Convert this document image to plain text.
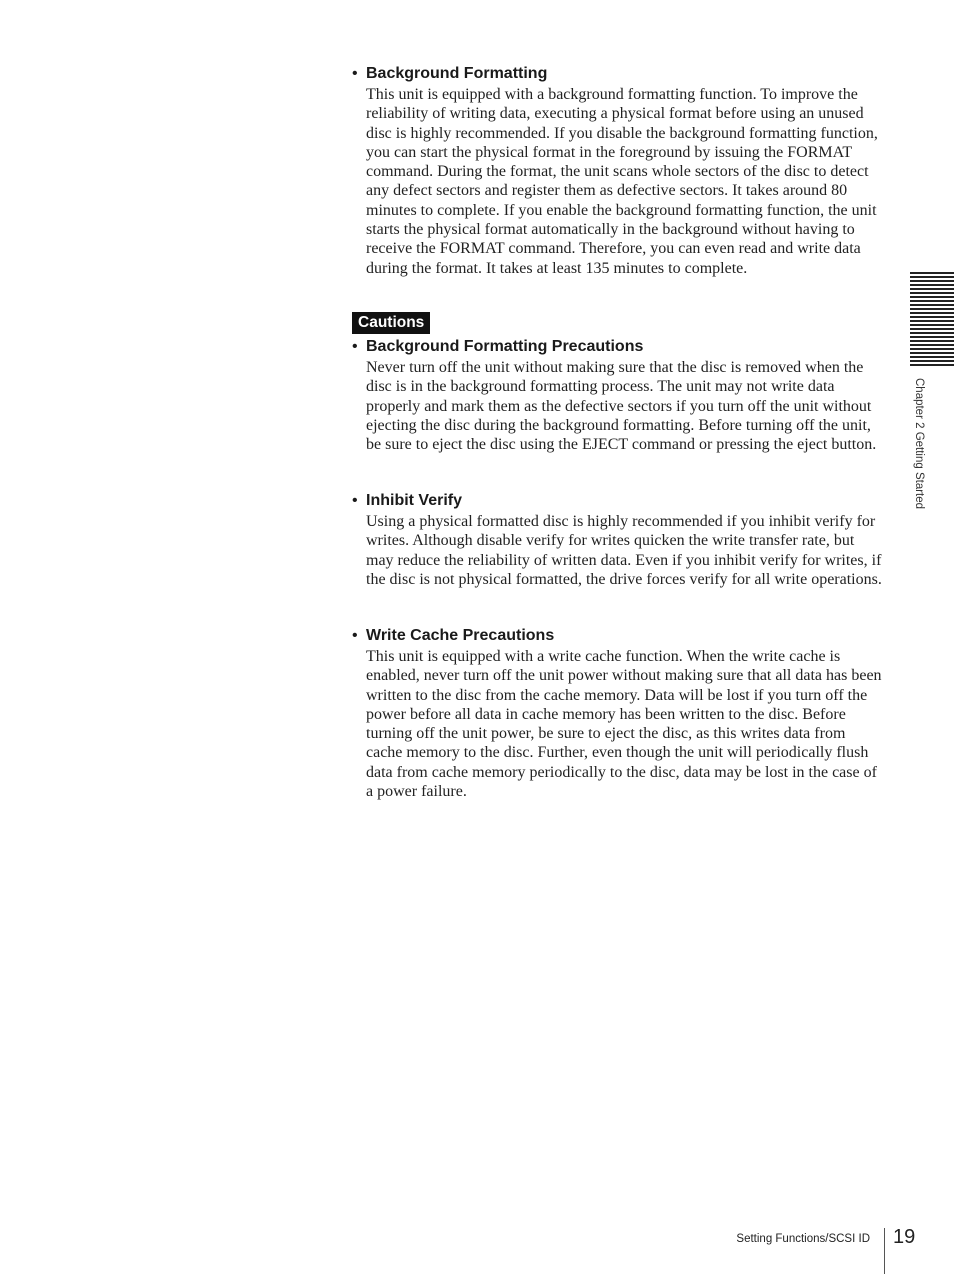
• Background Formatting

This unit is equipped with a background formatting function. To improve the reliability of writing data, executing a physical format before using an unused disc is highly recommended. If you disable the background formatting function, you can start the physical format in the foreground by issuing the FORMAT command. During the format, the unit scans whole sectors of the disc to detect any defect sectors and register them as defective sectors. It takes around 80 minutes to complete. If you enable the background formatting function, the unit starts the physical format automatically in the background without having to receive the FORMAT command. Therefore, you can even read and write data during the format. It takes at least 135 minutes to complete.

Cautions
• Background Formatting Precautions

Never turn off the unit without making sure that the disc is removed when the disc is in the background formatting process. The unit may not write data properly and mark them as the defective sectors if you turn off the unit without ejecting the disc during the background formatting. Before turning off the unit, be sure to eject the disc using the EJECT command or pressing the eject button.

• Inhibit Verify

Using a physical formatted disc is highly recommended if you inhibit verify for writes. Although disable verify for writes quicken the write transfer rate, but may reduce the reliability of written data. Even if you inhibit verify for writes, if the disc is not physical formatted, the drive forces verify for all write operations.

• Write Cache Precautions

This unit is equipped with a write cache function. When the write cache is enabled, never turn off the unit power without making sure that all data has been written to the disc from the cache memory. Data will be lost if you turn off the power before all data in cache memory has been written to the disc. Before turning off the unit power, be sure to eject the disc, as this writes data from cache memory to the disc. Further, even though the unit will periodically flush data from cache memory periodically to the disc, data may be lost in the case of a power failure.

Chapter 2 Getting Started
Setting Functions/SCSI ID 19
